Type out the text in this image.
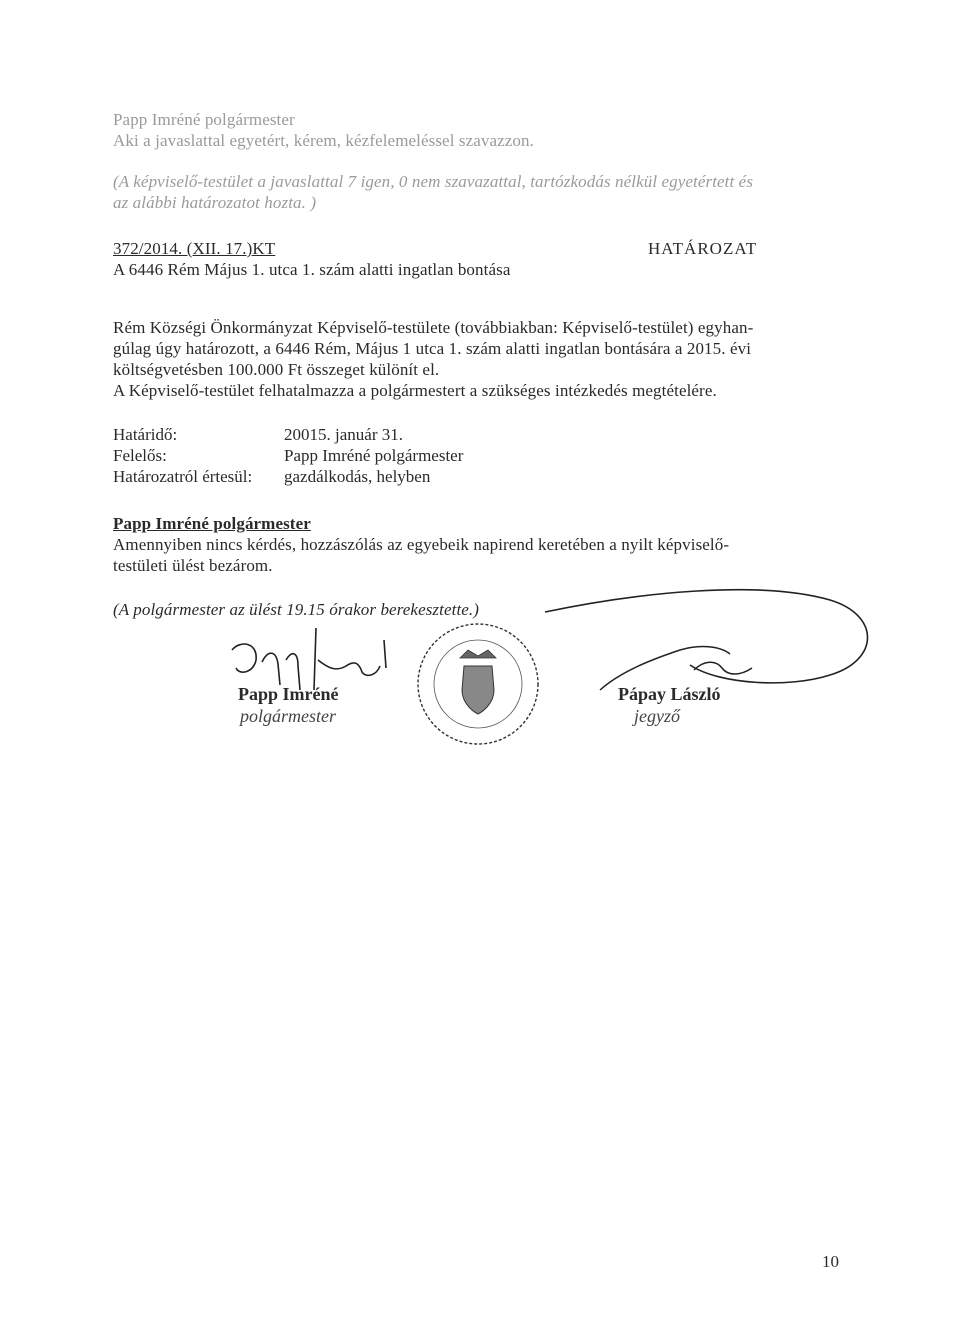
Papp Imréné polgármester
Aki a javaslattal egyetért, kérem, kézfelemeléssel szavazzon.
(A képviselő-testület a javaslattal 7 igen, 0 nem szavazattal, tartózkodás nélkül egyetértett és
az alábbi határozatot hozta. )
372/2014. (XII. 17.)KT	HATÁROZAT
A 6446 Rém Május 1. utca 1. szám alatti ingatlan bontása
Rém Községi Önkormányzat Képviselő-testülete (továbbiakban: Képviselő-testület) egyhan-
gúlag úgy határozott, a 6446 Rém, Május 1 utca 1. szám alatti ingatlan bontására a 2015. évi
költségvetésben 100.000 Ft összeget különít el.
A Képviselő-testület felhatalmazza a polgármestert a szükséges intézkedés megtételére.
Határidő:	20015. január 31.
Felelős:	Papp Imréné polgármester
Határozatról értesül: gazdálkodás, helyben
Papp Imréné polgármester
Amennyiben nincs kérdés, hozzászólás az egyebeik napirend keretében a nyilt képviselő-
testületi ülést bezárom.
(A polgármester az ülést 19.15 órakor berekesztette.)
Papp Imréné
polgármester
Pápay László
jegyző
10
